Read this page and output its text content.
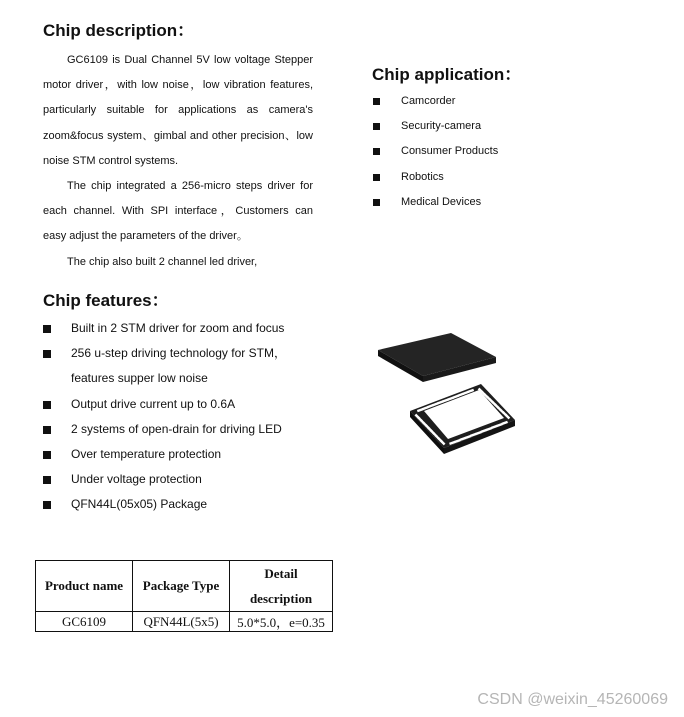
Chip description：

GC6109 is Dual Channel 5V low voltage Stepper motor driver，with low noise，low vibration features, particularly suitable for applications as camera's zoom&focus system、gimbal and other precision、low noise STM control systems.

The chip integrated a 256-micro steps driver for each channel. With SPI interface，Customers can easy adjust the parameters of the driver。

The chip also built 2 channel led driver,

Chip application：
Camcorder
Security-camera
Consumer Products
Robotics
Medical Devices
Chip features：
Built in 2 STM driver for zoom and focus
256 u-step driving technology for STM，features supper low noise
Output drive current up to 0.6A
2 systems of open-drain for driving LED
Over temperature protection
Under voltage protection
QFN44L(05x05) Package
Product name	Package Type	Detail description
GC6109	QFN44L(5x5)	5.0*5.0，e=0.35
CSDN @weixin_45260069
